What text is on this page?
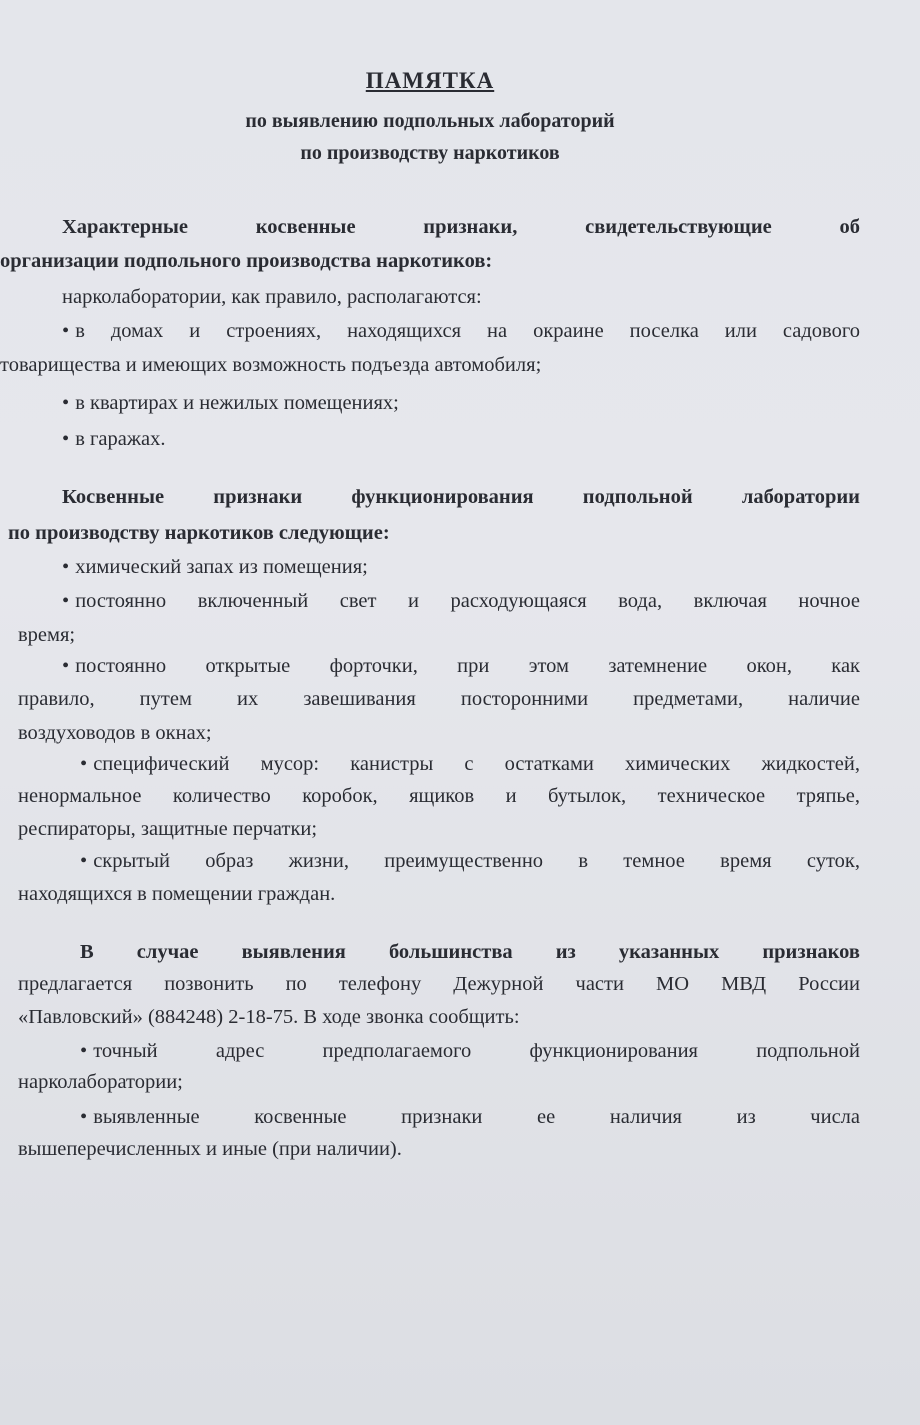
ПАМЯТКА
по выявлению подпольных лабораторий
по производству наркотиков
Характерные косвенные признаки, свидетельствующие об
организации подпольного производства наркотиков:
нарколаборатории, как правило, располагаются:
• в домах и строениях, находящихся на окраине поселка или садового
товарищества и имеющих возможность подъезда автомобиля;
• в квартирах и нежилых помещениях;
• в гаражах.
Косвенные признаки функционирования подпольной лаборатории
по производству наркотиков следующие:
• химический запах из помещения;
• постоянно включенный свет и расходующаяся вода, включая ночное
время;
• постоянно открытые форточки, при этом затемнение окон, как
правило, путем их завешивания посторонними предметами, наличие
воздуховодов в окнах;
• специфический мусор: канистры с остатками химических жидкостей,
ненормальное количество коробок, ящиков и бутылок, техническое тряпье,
респираторы, защитные перчатки;
• скрытый образ жизни, преимущественно в темное время суток,
находящихся в помещении граждан.
В случае выявления большинства из указанных признаков
предлагается позвонить по телефону Дежурной части МО МВД России
«Павловский» (884248) 2-18-75. В ходе звонка сообщить:
• точный адрес предполагаемого функционирования подпольной
нарколаборатории;
• выявленные косвенные признаки ее наличия из числа
вышеперечисленных и иные (при наличии).
